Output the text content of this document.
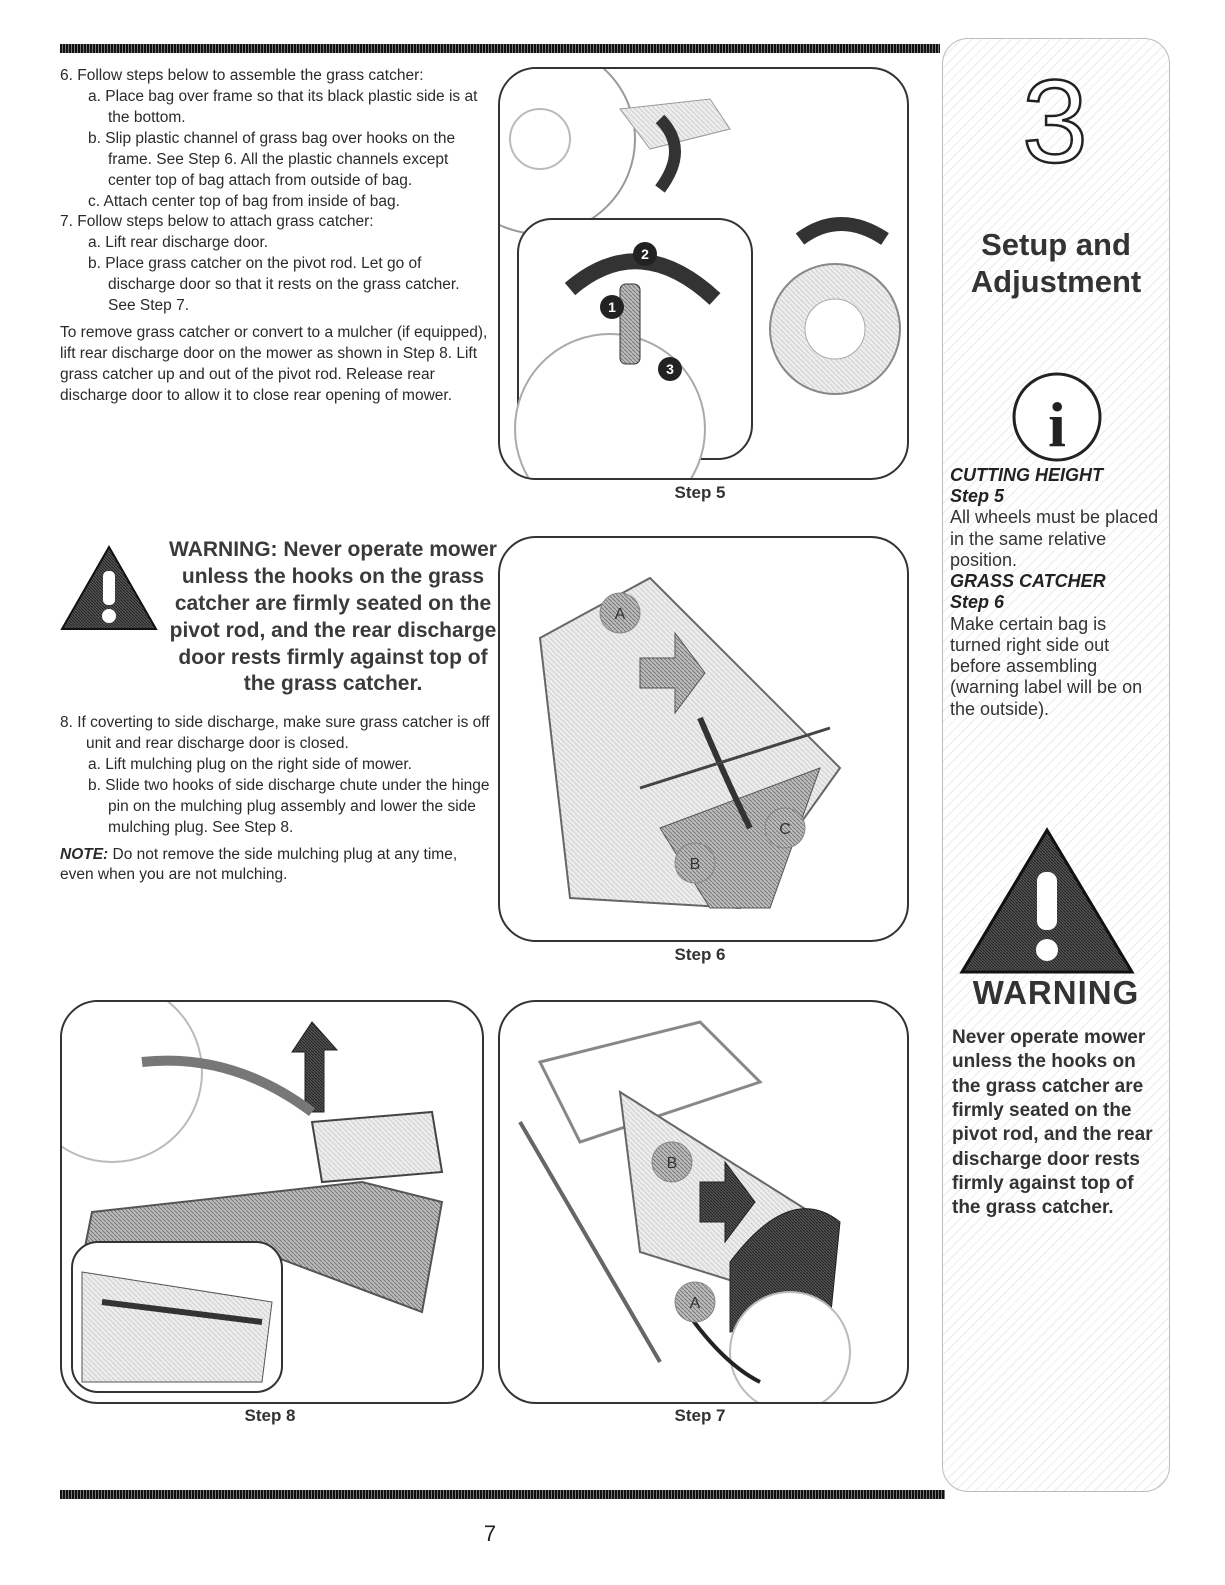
6. Follow steps below to assemble the grass catcher:

a. Place bag over frame so that its black plastic side is at the bottom.

b. Slip plastic channel of grass bag over hooks on the frame. See Step 6. All the plastic channels except center top of bag attach from outside of bag.

c. Attach center top of bag from inside of bag.

7. Follow steps below to attach grass catcher:

a. Lift rear discharge door.

b. Place grass catcher on the pivot rod. Let go of discharge door so that it rests on the grass catcher. See Step 7.

To remove grass catcher or convert to a mulcher (if equipped), lift rear discharge door on the mower as shown in Step 8. Lift grass catcher up and out of the pivot rod. Release rear discharge door to allow it to close rear opening of mower.

WARNING: Never operate mower unless the hooks on the grass catcher are firmly seated on the pivot rod, and the rear discharge door rests firmly against top of the grass catcher.

8. If coverting to side discharge, make sure grass catcher is off unit and rear discharge door is closed.

a. Lift mulching plug on the right side of mower.

b. Slide two hooks of side discharge chute under the hinge pin on the mulching plug assembly and lower the side mulching plug. See Step 8.

NOTE: Do not remove the side mulching plug at any time, even when you are not mulching.

1
2
3
Step 5
A
B
C
Step 6
Step 8
B
A
Step 7
3
Setup and
Adjustment
i
CUTTING HEIGHT
Step 5
All wheels must be placed in the same relative position.
GRASS CATCHER
Step 6
Make certain bag is turned right side out before assembling (warning label will be on the outside).
WARNING
Never operate mower unless the hooks on the grass catcher are firmly seated on the pivot rod, and the rear discharge door rests firmly against top of the grass catcher.
7
